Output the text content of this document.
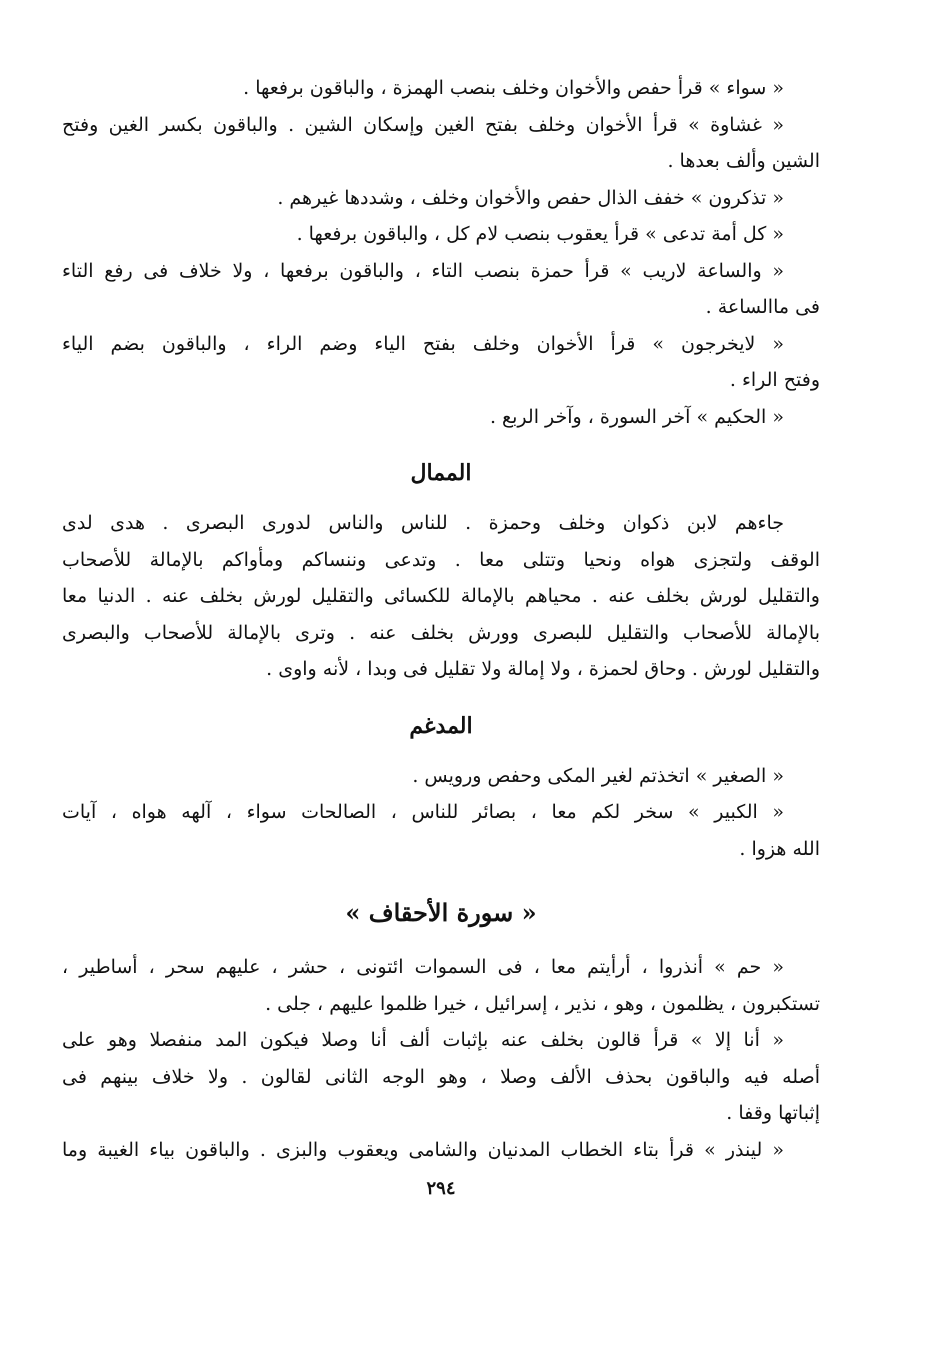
« سواء » قرأ حفص والأخوان وخلف بنصب الهمزة ، والباقون برفعها .
« غشاوة » قرأ الأخوان وخلف بفتح الغين وإسكان الشين . والباقون بكسر الغين وفتح
الشين وألف بعدها .
« تذكرون » خفف الذال حفص والأخوان وخلف ، وشددها غيرهم .
« كل أمة تدعى » قرأ يعقوب بنصب لام كل ، والباقون برفعها .
« والساعة لاريب » قرأ حمزة بنصب التاء ، والباقون برفعها ، ولا خلاف فى رفع التاء
فى ماالساعة .
« لايخرجون » قرأ الأخوان وخلف بفتح الياء وضم الراء ، والباقون بضم الياء
وفتح الراء .
« الحكيم » آخر السورة ، وآخر الربع .
الممال
جاءهم لابن ذكوان وخلف وحمزة . للناس والناس لدورى البصرى . هدى لدى
الوقف ولتجزى هواه ونحيا وتتلى معا . وتدعى وننساكم ومأواكم بالإمالة للأصحاب
والتقليل لورش بخلف عنه . محياهم بالإمالة للكسائى والتقليل لورش بخلف عنه . الدنيا معا
بالإمالة للأصحاب والتقليل للبصرى وورش بخلف عنه . وترى بالإمالة للأصحاب والبصرى
والتقليل لورش . وحاق لحمزة ، ولا إمالة ولا تقليل فى وبدا ، لأنه واوى .
المدغم
« الصغير » اتخذتم لغير المكى وحفص ورويس .
« الكبير » سخر لكم معا ، بصائر للناس ، الصالحات سواء ، آلهه هواه ، آيات
الله هزوا .
« سورة الأحقاف »
« حم » أنذروا ، أرأيتم معا ، فى السموات ائتونى ، حشر ، عليهم سحر ، أساطير ،
تستكبرون ، يظلمون ، وهو ، نذير ، إسرائيل ، خيرا ظلموا عليهم ، جلى .
« أنا إلا » قرأ قالون بخلف عنه بإثبات ألف أنا وصلا فيكون المد منفصلا وهو على
أصله فيه والباقون بحذف الألف وصلا ، وهو الوجه الثانى لقالون . ولا خلاف بينهم فى
إثباتها وقفا .
« لينذر » قرأ بتاء الخطاب المدنيان والشامى ويعقوب والبزى . والباقون بياء الغيبة وما
٢٩٤
